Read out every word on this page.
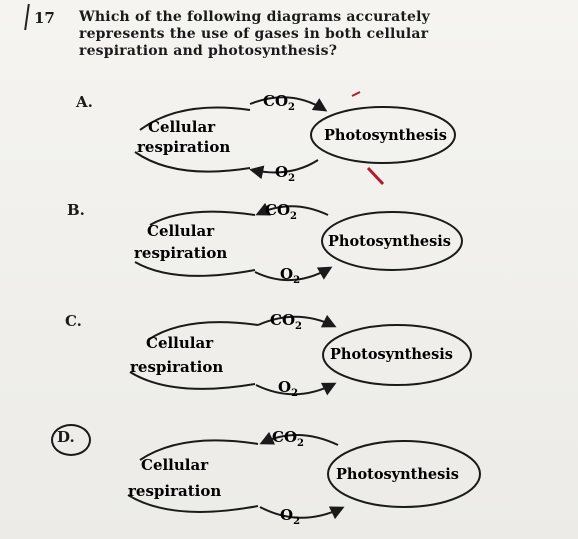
17 Which of the following diagrams accurately
represents the use of gases in both cellular
respiration and photosynthesis?
A.
B.
C.
D.
Cellular
respiration
Photosynthesis
$CO_2$
$O_2$
Cellular
respiration
Photosynthesis
$CO_2$
$O_2$
Cellular
respiration
Photosynthesis
$CO_2$
$O_2$
Cellular
respiration
Photosynthesis
$CO_2$
$O_2$
